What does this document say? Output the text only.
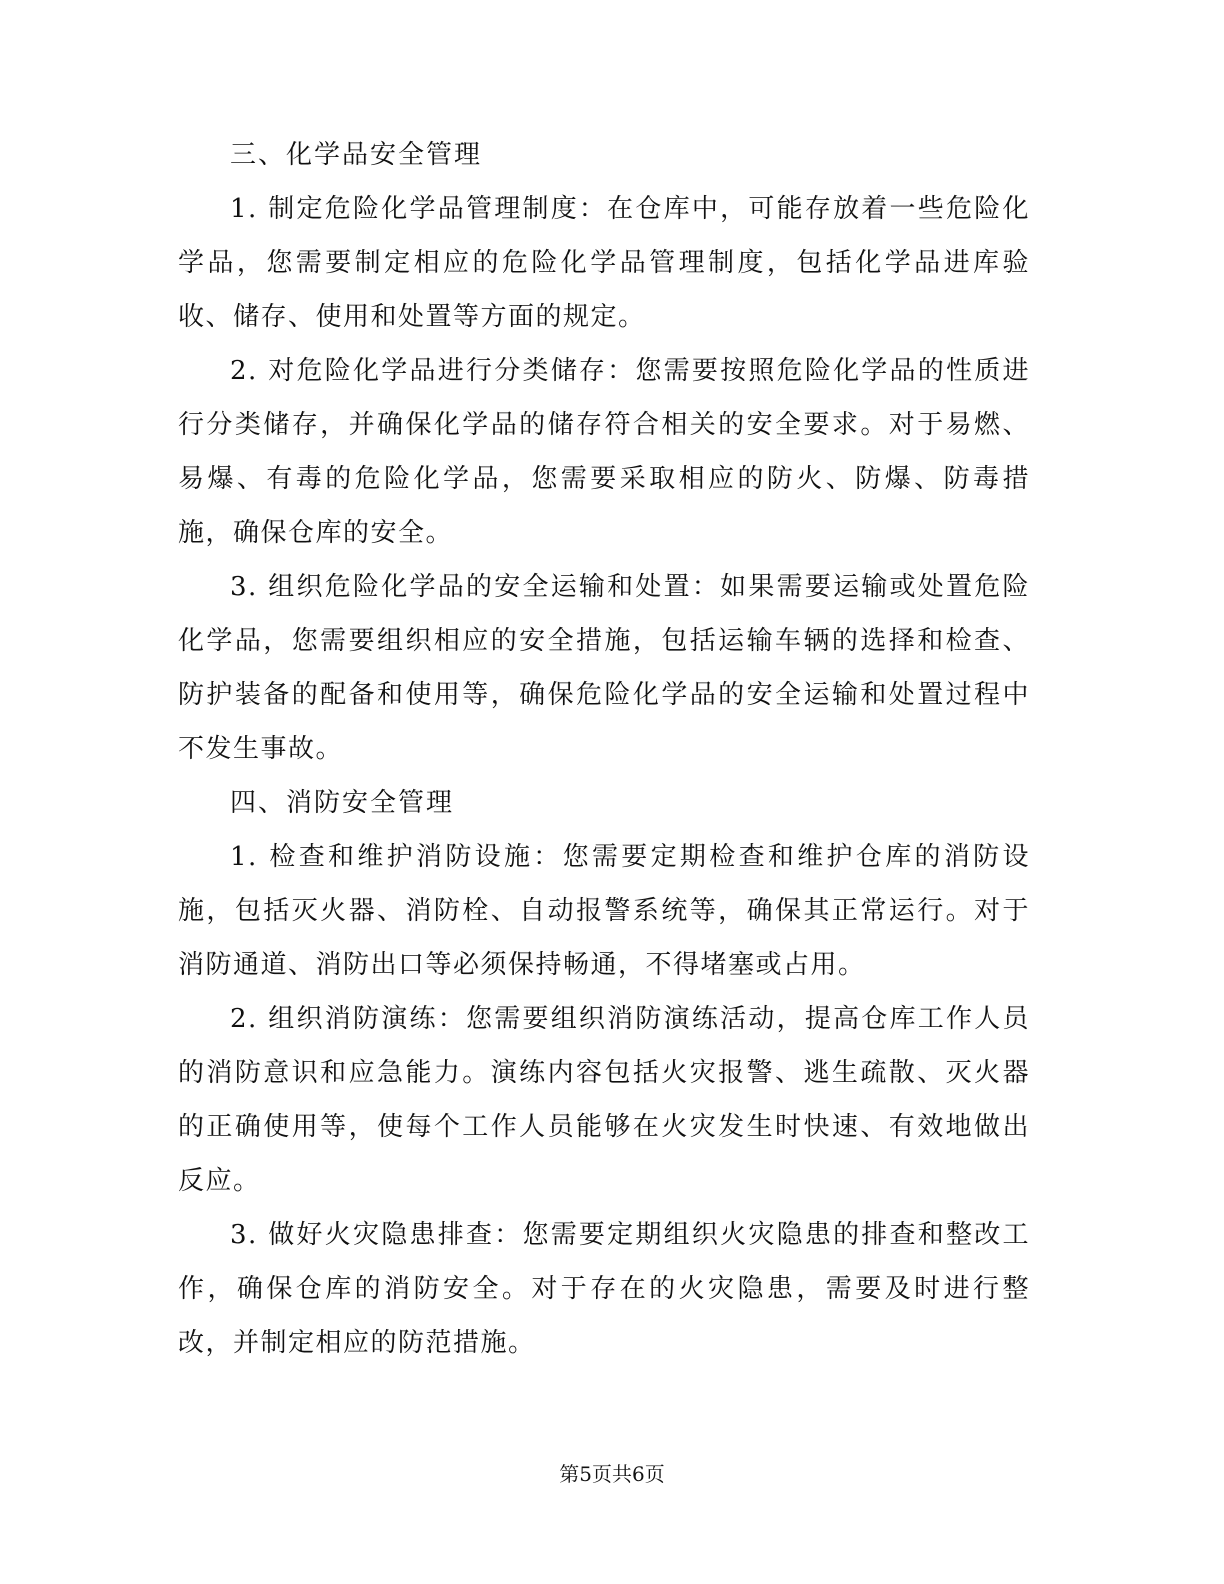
三、化学品安全管理

1. 制定危险化学品管理制度：在仓库中，可能存放着一些危险化学品，您需要制定相应的危险化学品管理制度，包括化学品进库验收、储存、使用和处置等方面的规定。

2. 对危险化学品进行分类储存：您需要按照危险化学品的性质进行分类储存，并确保化学品的储存符合相关的安全要求。对于易燃、易爆、有毒的危险化学品，您需要采取相应的防火、防爆、防毒措施，确保仓库的安全。

3. 组织危险化学品的安全运输和处置：如果需要运输或处置危险化学品，您需要组织相应的安全措施，包括运输车辆的选择和检查、防护装备的配备和使用等，确保危险化学品的安全运输和处置过程中不发生事故。

四、消防安全管理

1. 检查和维护消防设施：您需要定期检查和维护仓库的消防设施，包括灭火器、消防栓、自动报警系统等，确保其正常运行。对于消防通道、消防出口等必须保持畅通，不得堵塞或占用。

2. 组织消防演练：您需要组织消防演练活动，提高仓库工作人员的消防意识和应急能力。演练内容包括火灾报警、逃生疏散、灭火器的正确使用等，使每个工作人员能够在火灾发生时快速、有效地做出反应。

3. 做好火灾隐患排查：您需要定期组织火灾隐患的排查和整改工作，确保仓库的消防安全。对于存在的火灾隐患，需要及时进行整改，并制定相应的防范措施。

第5页共6页
